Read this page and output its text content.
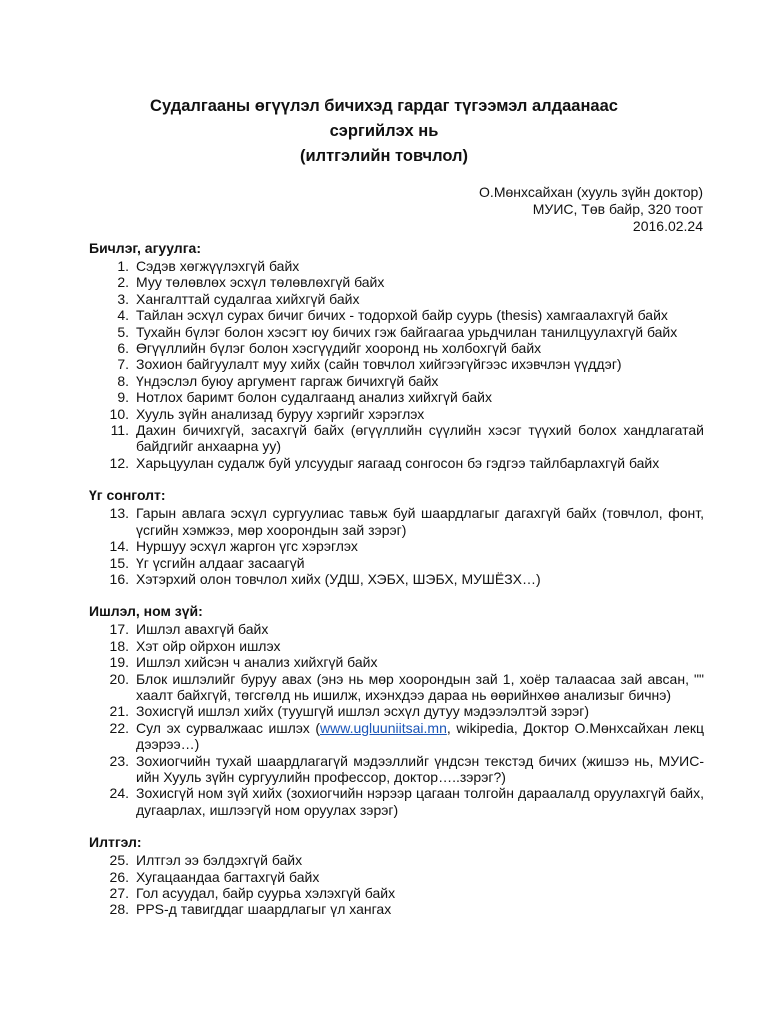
Судалгааны өгүүлэл бичихэд гардаг түгээмэл алдаанаас
сэргийлэх нь
(илтгэлийн товчлол)
О.Мөнхсайхан (хууль зүйн доктор)
МУИС, Төв байр, 320 тоот
2016.02.24
Бичлэг, агуулга:
1. Сэдэв хөгжүүлэхгүй байх
2. Муу төлөвлөх эсхүл төлөвлөхгүй байх
3. Хангалттай судалгаа хийхгүй байх
4. Тайлан эсхүл сурах бичиг бичих - тодорхой байр суурь (thesis) хамгаалахгүй байх
5. Тухайн бүлэг болон хэсэгт юу бичих гэж байгаагаа урьдчилан танилцуулахгүй байх
6. Өгүүллийн бүлэг болон хэсгүүдийг хооронд нь холбохгүй байх
7. Зохион байгуулалт муу хийх (сайн товчлол хийгээгүйгээс ихэвчлэн үүддэг)
8. Үндэслэл буюу аргумент гаргаж бичихгүй байх
9. Нотлох баримт болон судалгаанд анализ хийхгүй байх
10. Хууль зүйн анализад буруу хэргийг хэрэглэх
11. Дахин бичихгүй, засахгүй байх (өгүүллийн сүүлийн хэсэг түүхий болох хандлагатай байдгийг анхаарна уу)
12. Харьцуулан судалж буй улсуудыг яагаад сонгосон бэ гэдгээ тайлбарлахгүй байх
Үг сонголт:
13. Гарын авлага эсхүл сургуулиас тавьж буй шаардлагыг дагахгүй байх (товчлол, фонт, үсгийн хэмжээ, мөр хоорондын зай зэрэг)
14. Нуршуу эсхүл жаргон үгс хэрэглэх
15. Үг үсгийн алдааг засаагүй
16. Хэтэрхий олон товчлол хийх (УДШ, ХЭБХ, ШЭБХ, МУШЁЗХ…)
Ишлэл, ном зүй:
17. Ишлэл авахгүй байх
18. Хэт ойр ойрхон ишлэх
19. Ишлэл хийсэн ч анализ хийхгүй байх
20. Блок ишлэлийг буруу авах (энэ нь мөр хоорондын зай 1, хоёр талаасаа зай авсан, "" хаалт байхгүй, төгсгөлд нь ишилж, ихэнхдээ дараа нь өөрийнхөө анализыг бичнэ)
21. Зохисгүй ишлэл хийх (туушгүй ишлэл эсхүл дутуу мэдээлэлтэй зэрэг)
22. Сул эх сурвалжаас ишлэх (www.ugluuniitsai.mn, wikipedia, Доктор О.Мөнхсайхан лекц дээрээ…)
23. Зохиогчийн тухай шаардлагагүй мэдээллийг үндсэн текстэд бичих (жишээ нь, МУИС-ийн Хууль зүйн сургуулийн профессор, доктор…..зэрэг?)
24. Зохисгүй ном зүй хийх (зохиогчийн нэрээр цагаан толгойн дараалалд оруулахгүй байх, дугаарлах, ишлээгүй ном оруулах зэрэг)
Илтгэл:
25. Илтгэл ээ бэлдэхгүй байх
26. Хугацаандаа багтахгүй байх
27. Гол асуудал, байр суурьа хэлэхгүй байх
28. PPS-д тавигддаг шаардлагыг үл хангах
